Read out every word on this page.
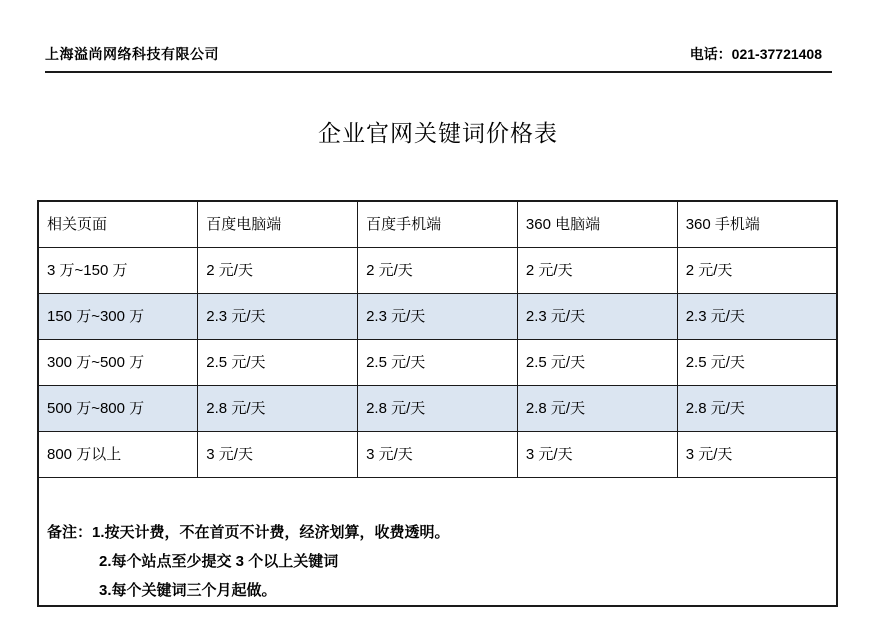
上海溢尚网络科技有限公司	电话：021-37721408
企业官网关键词价格表
相关页面	百度电脑端	百度手机端	360 电脑端	360 手机端
3 万~150 万	2 元/天	2 元/天	2 元/天	2 元/天
150 万~300 万	2.3 元/天	2.3 元/天	2.3 元/天	2.3 元/天
300 万~500 万	2.5 元/天	2.5 元/天	2.5 元/天	2.5 元/天
500 万~800 万	2.8 元/天	2.8 元/天	2.8 元/天	2.8 元/天
800 万以上	3 元/天	3 元/天	3 元/天	3 元/天

备注：1.按天计费，不在首页不计费，经济划算，收费透明。
2.每个站点至少提交 3 个以上关键词
3.每个关键词三个月起做。				
